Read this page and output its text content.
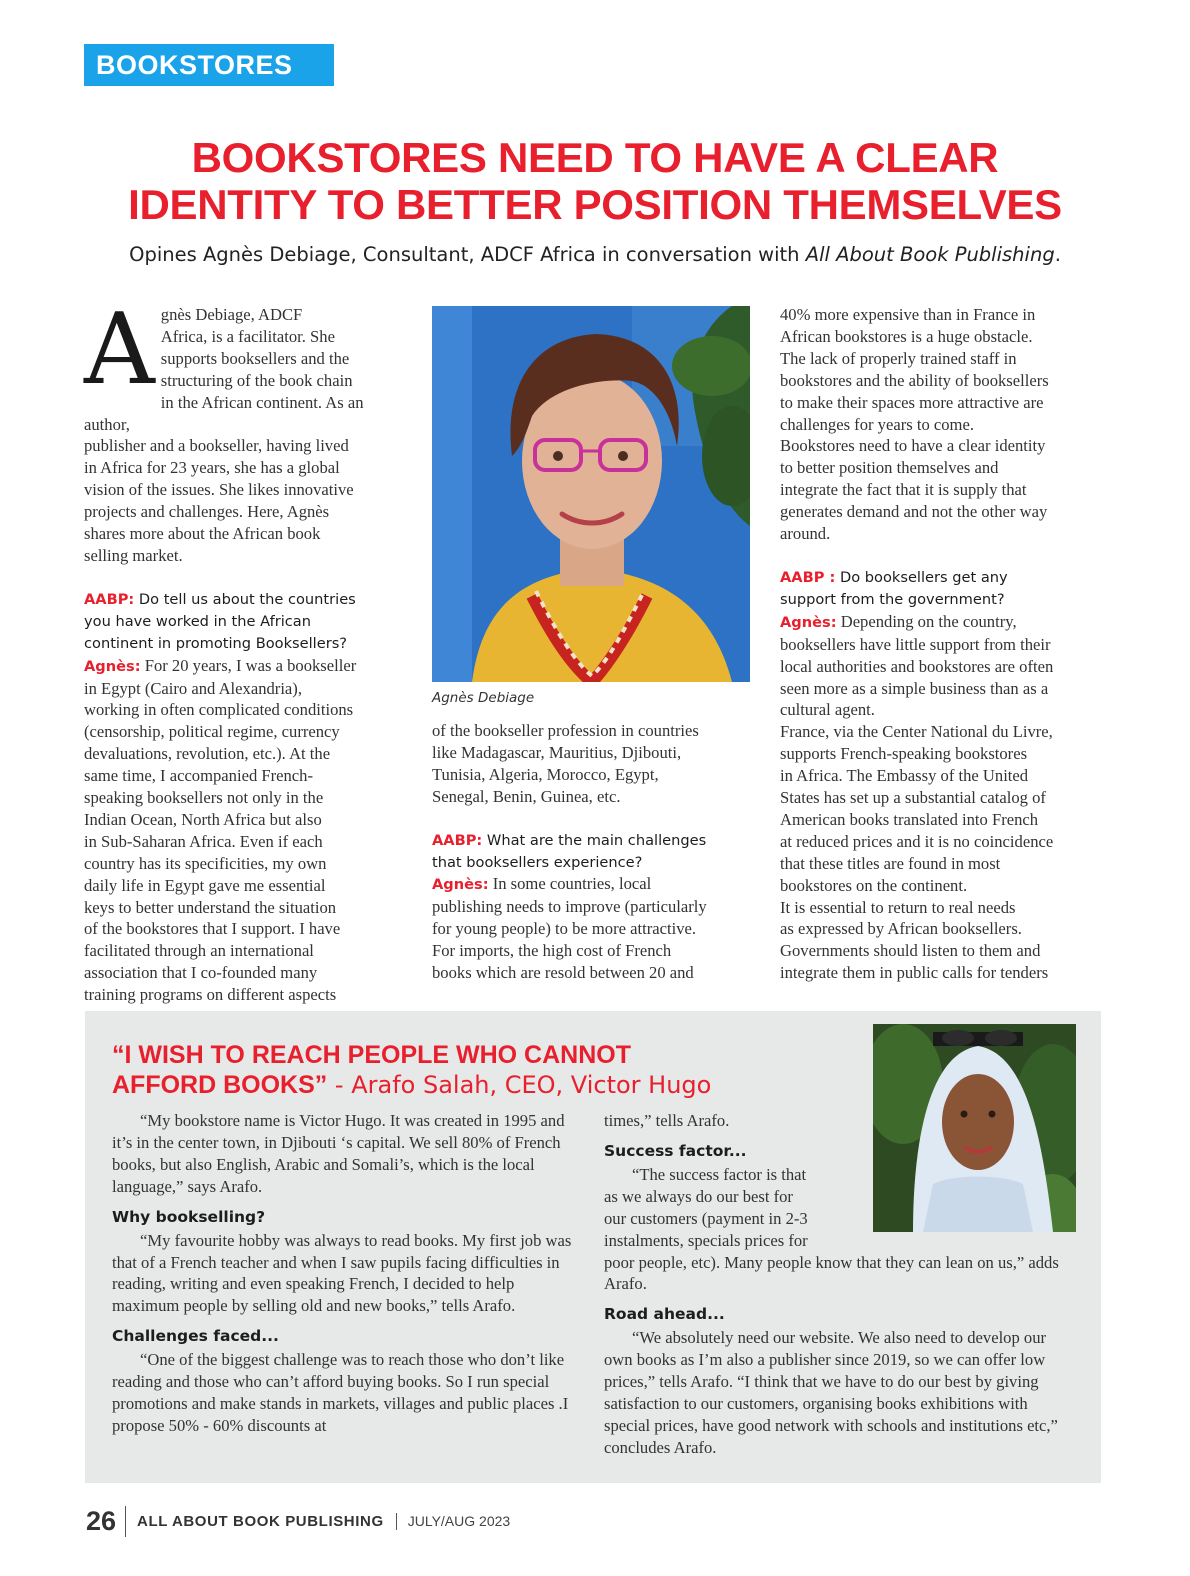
BOOKSTORES
BOOKSTORES NEED TO HAVE A CLEAR
IDENTITY TO BETTER POSITION THEMSELVES
Opines Agnès Debiage, Consultant, ADCF Africa in conversation with All About Book Publishing.
A gnès Debiage, ADCF
Africa, is a facilitator. She
supports booksellers and the
structuring of the book chain
in the African continent. As an author,
publisher and a bookseller, having lived
in Africa for 23 years, she has a global
vision of the issues. She likes innovative
projects and challenges. Here, Agnès
shares more about the African book
selling market.
AABP: Do tell us about the countries
you have worked in the African
continent in promoting Booksellers?
Agnès: For 20 years, I was a bookseller
in Egypt (Cairo and Alexandria),
working in often complicated conditions
(censorship, political regime, currency
devaluations, revolution, etc.). At the
same time, I accompanied French-
speaking booksellers not only in the
Indian Ocean, North Africa but also
in Sub-Saharan Africa. Even if each
country has its specificities, my own
daily life in Egypt gave me essential
keys to better understand the situation
of the bookstores that I support. I have
facilitated through an international
association that I co-founded many
training programs on different aspects
Agnès Debiage
of the bookseller profession in countries
like Madagascar, Mauritius, Djibouti,
Tunisia, Algeria, Morocco, Egypt,
Senegal, Benin, Guinea, etc.
AABP: What are the main challenges
that booksellers experience?
Agnès: In some countries, local
publishing needs to improve (particularly
for young people) to be more attractive.
For imports, the high cost of French
books which are resold between 20 and
40% more expensive than in France in
African bookstores is a huge obstacle.
The lack of properly trained staff in
bookstores and the ability of booksellers
to make their spaces more attractive are
challenges for years to come.
Bookstores need to have a clear identity
to better position themselves and
integrate the fact that it is supply that
generates demand and not the other way
around.
AABP : Do booksellers get any
support from the government?
Agnès: Depending on the country,
booksellers have little support from their
local authorities and bookstores are often
seen more as a simple business than as a
cultural agent.
France, via the Center National du Livre,
supports French-speaking bookstores
in Africa. The Embassy of the United
States has set up a substantial catalog of
American books translated into French
at reduced prices and it is no coincidence
that these titles are found in most
bookstores on the continent.
It is essential to return to real needs
as expressed by African booksellers.
Governments should listen to them and
integrate them in public calls for tenders
“I WISH TO REACH PEOPLE WHO CANNOT
AFFORD BOOKS” - Arafo Salah, CEO, Victor Hugo

“My bookstore name is Victor Hugo. It was created in 1995 and it’s in the center town, in Djibouti ‘s capital. We sell 80% of French books, but also English, Arabic and Somali’s, which is the local language,” says Arafo.

Why bookselling?

“My favourite hobby was always to read books. My first job was that of a French teacher and when I saw pupils facing difficulties in reading, writing and even speaking French, I decided to help maximum people by selling old and new books,” tells Arafo.

Challenges faced...

“One of the biggest challenge was to reach those who don’t like reading and those who can’t afford buying books. So I run special promotions and make stands in markets, villages and public places .I propose 50% - 60% discounts at

times,” tells Arafo.

Success factor...
“The success factor is that
as we always do our best for
our customers (payment in 2-3
instalments, specials prices for

poor people, etc). Many people know that they can lean on us,” adds Arafo.

Road ahead...

“We absolutely need our website. We also need to develop our own books as I’m also a publisher since 2019, so we can offer low prices,” tells Arafo. “I think that we have to do our best by giving satisfaction to our customers, organising books exhibitions with special prices, have good network with schools and institutions etc,” concludes Arafo.

26	ALL ABOUT BOOK PUBLISHING	JULY/AUG 2023
